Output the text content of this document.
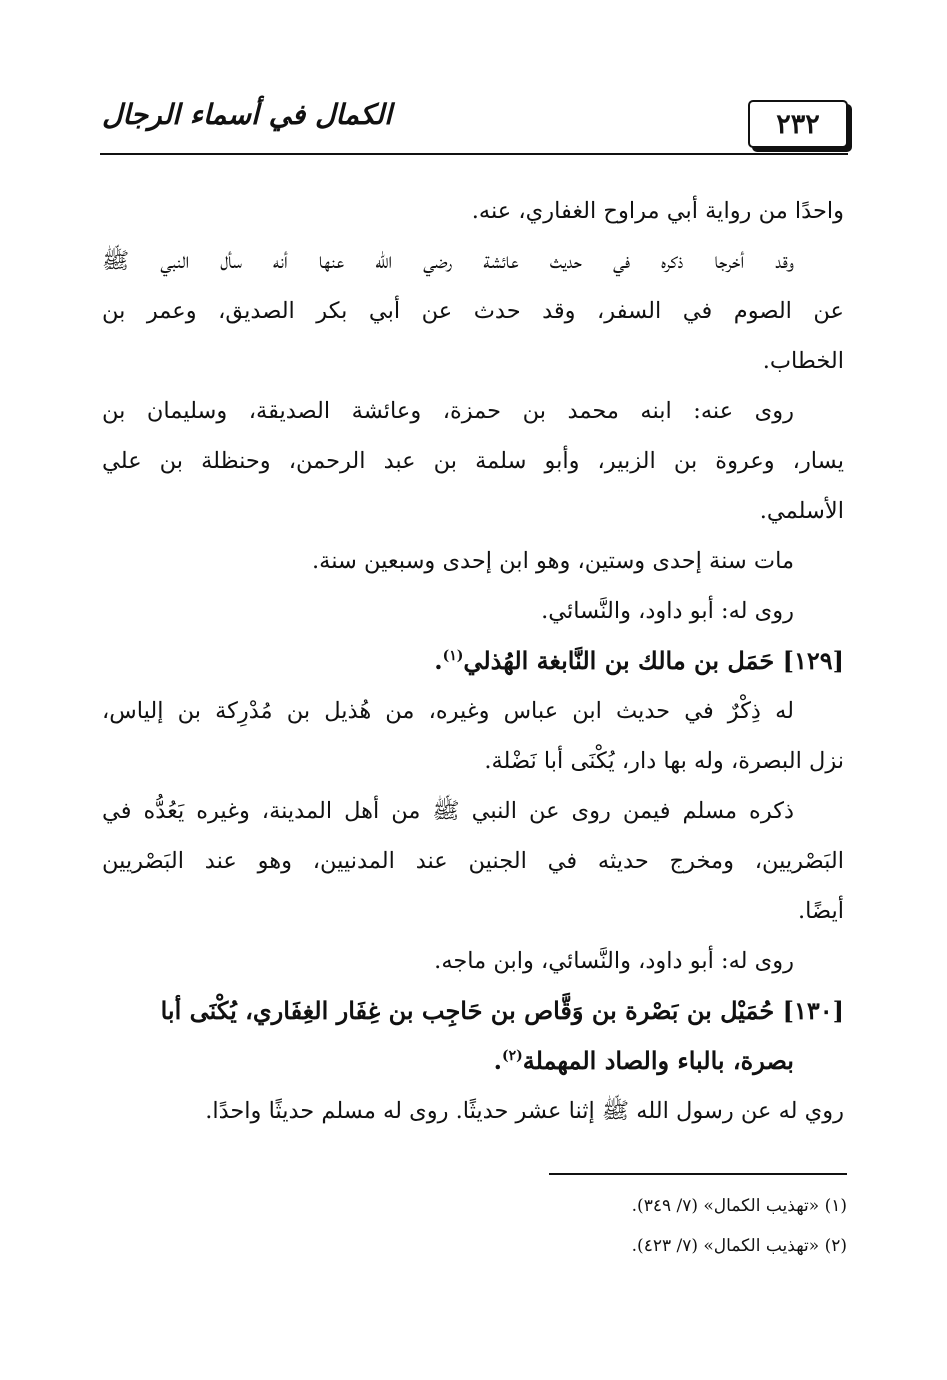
٢٣٢
الكمال في أسماء الرجال
واحدًا من رواية أبي مراوح الغفاري، عنه.
وقد أخرجا ذكره في حديث عائشة رضي الله عنها أنه سأل النبي ﷺ
عن الصوم في السفر، وقد حدث عن أبي بكر الصديق، وعمر بن
الخطاب.
روى عنه: ابنه محمد بن حمزة، وعائشة الصديقة، وسليمان بن
يسار، وعروة بن الزبير، وأبو سلمة بن عبد الرحمن، وحنظلة بن علي
الأسلمي.
مات سنة إحدى وستين، وهو ابن إحدى وسبعين سنة.
روى له: أبو داود، والنَّسائي.
[١٢٩] حَمَل بن مالك بن النَّابغة الهُذلي$^{(١)}$.
له ذِكْرٌ في حديث ابن عباس وغيره، من هُذيل بن مُدْرِكة بن إلياس،
نزل البصرة، وله بها دار، يُكْنَى أبا نَضْلة.
ذكره مسلم فيمن روى عن النبي ﷺ من أهل المدينة، وغيره يَعُدُّه في
البَصْريين، ومخرج حديثه في الجنين عند المدنيين، وهو عند البَصْريين
أيضًا.
روى له: أبو داود، والنَّسائي، وابن ماجه.
[١٣٠] حُمَيْل بن بَصْرة بن وَقَّاص بن حَاجِب بن غِفَار الغِفَاري، يُكْنَى أبا
بصرة، بالباء والصاد المهملة$^{(٢)}$.
روي له عن رسول الله ﷺ إثنا عشر حديثًا. روى له مسلم حديثًا واحدًا.
(١) «تهذيب الكمال» (٧/ ٣٤٩).
(٢) «تهذيب الكمال» (٧/ ٤٢٣).
